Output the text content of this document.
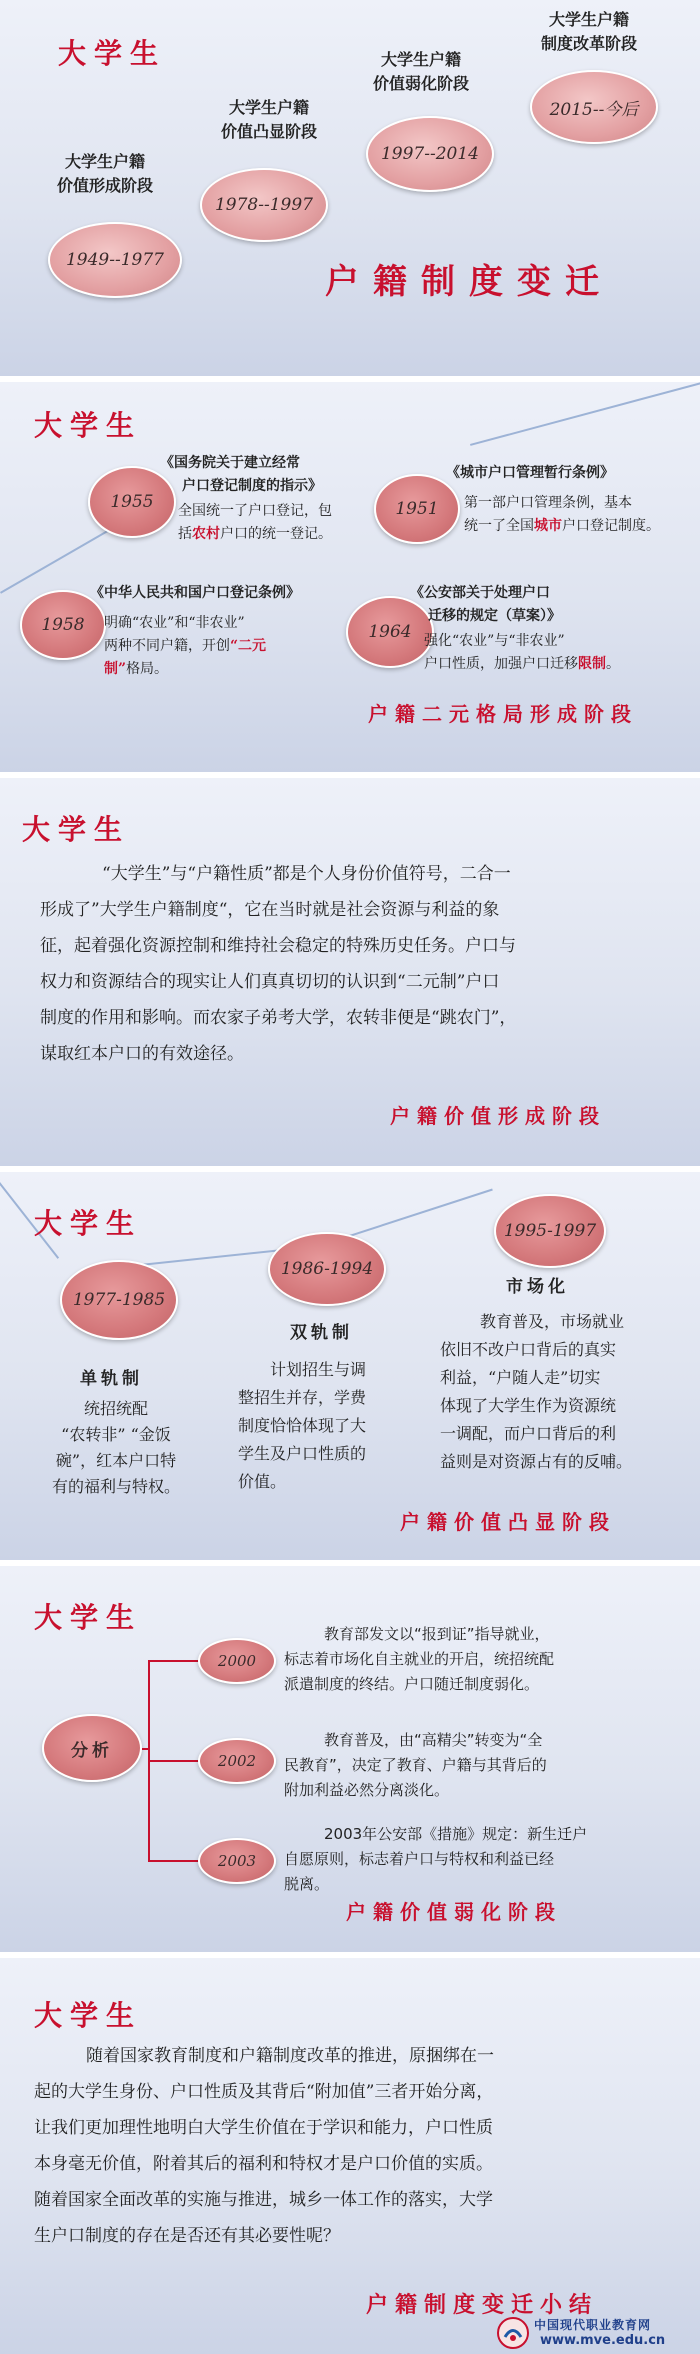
大学生
大学生户籍
价值形成阶段
1949--1977
大学生户籍
价值凸显阶段
1978--1997
大学生户籍
价值弱化阶段
1997--2014
大学生户籍
制度改革阶段
2015--今后
户籍制度变迁
大学生
1955
《国务院关于建立经常
户口登记制度的指示》
全国统一了户口登记，包
括农村户口的统一登记。
1951
《城市户口管理暂行条例》
第一部户口管理条例，基本
统一了全国城市户口登记制度。
1958
《中华人民共和国户口登记条例》
明确“农业”和“非农业”
两种不同户籍，开创“二元
制”格局。
1964
《公安部关于处理户口
迁移的规定（草案）》
强化“农业”与“非农业”
户口性质，加强户口迁移限制。
户籍二元格局形成阶段
大学生
“大学生”与“户籍性质”都是个人身份价值符号，二合一
形成了”大学生户籍制度“，它在当时就是社会资源与利益的象
征，起着强化资源控制和维持社会稳定的特殊历史任务。户口与
权力和资源结合的现实让人们真真切切的认识到“二元制”户口
制度的作用和影响。而农家子弟考大学，农转非便是“跳农门”，
谋取红本户口的有效途径。
户籍价值形成阶段
大学生
1977-1985
单轨制
统招统配
“农转非” “金饭
碗”，红本户口特
有的福利与特权。
1986-1994
双轨制
计划招生与调
整招生并存，学费
制度恰恰体现了大
学生及户口性质的
价值。
1995-1997
市场化
教育普及，市场就业
依旧不改户口背后的真实
利益，“户随人走”切实
体现了大学生作为资源统
一调配，而户口背后的利
益则是对资源占有的反哺。
户籍价值凸显阶段
大学生
分析
2000
教育部发文以“报到证”指导就业，
标志着市场化自主就业的开启，统招统配
派遣制度的终结。户口随迁制度弱化。
2002
教育普及，由“高精尖”转变为“全
民教育”，决定了教育、户籍与其背后的
附加利益必然分离淡化。
2003
2003年公安部《措施》规定：新生迁户
自愿原则，标志着户口与特权和利益已经
脱离。
户籍价值弱化阶段
大学生
随着国家教育制度和户籍制度改革的推进，原捆绑在一
起的大学生身份、户口性质及其背后“附加值”三者开始分离，
让我们更加理性地明白大学生价值在于学识和能力，户口性质
本身毫无价值，附着其后的福利和特权才是户口价值的实质。
随着国家全面改革的实施与推进，城乡一体工作的落实，大学
生户口制度的存在是否还有其必要性呢？
户籍制度变迁小结
中国现代职业教育网
www.mve.edu.cn
